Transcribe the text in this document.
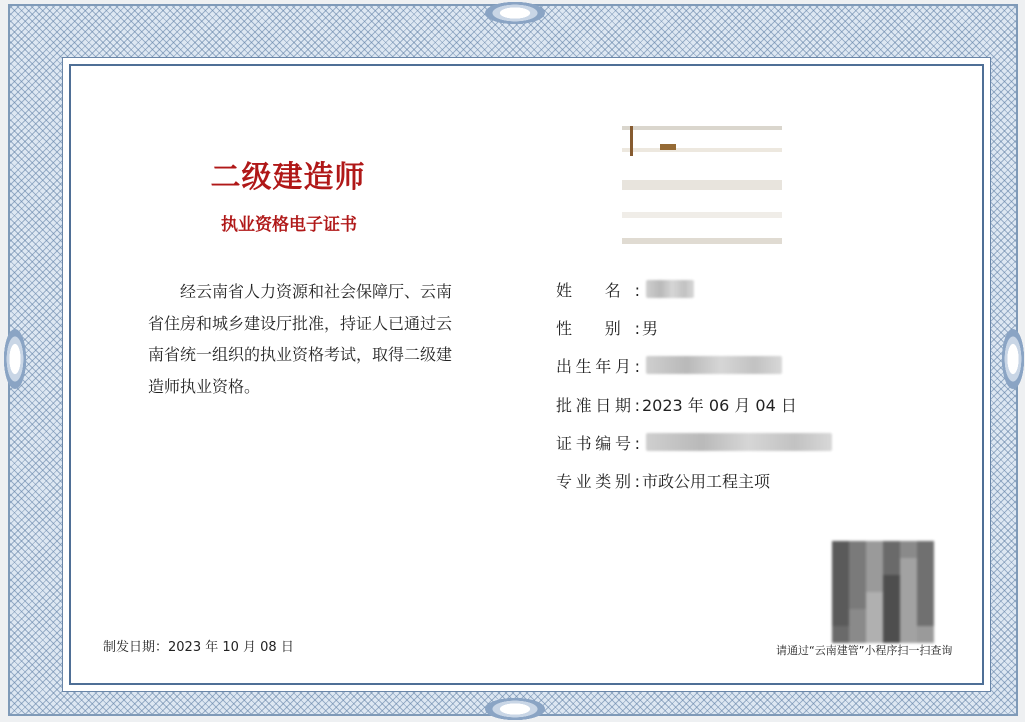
二级建造师
执业资格电子证书
经云南省人力资源和社会保障厅、云南省住房和城乡建设厅批准，持证人已通过云南省统一组织的执业资格考试，取得二级建造师执业资格。
姓 名:
性 别: 男
出生年月:
批准日期: 2023 年 06 月 04 日
证书编号:
专业类别: 市政公用工程主项
请通过“云南建管”小程序扫一扫查询
制发日期：2023 年 10 月 08 日
